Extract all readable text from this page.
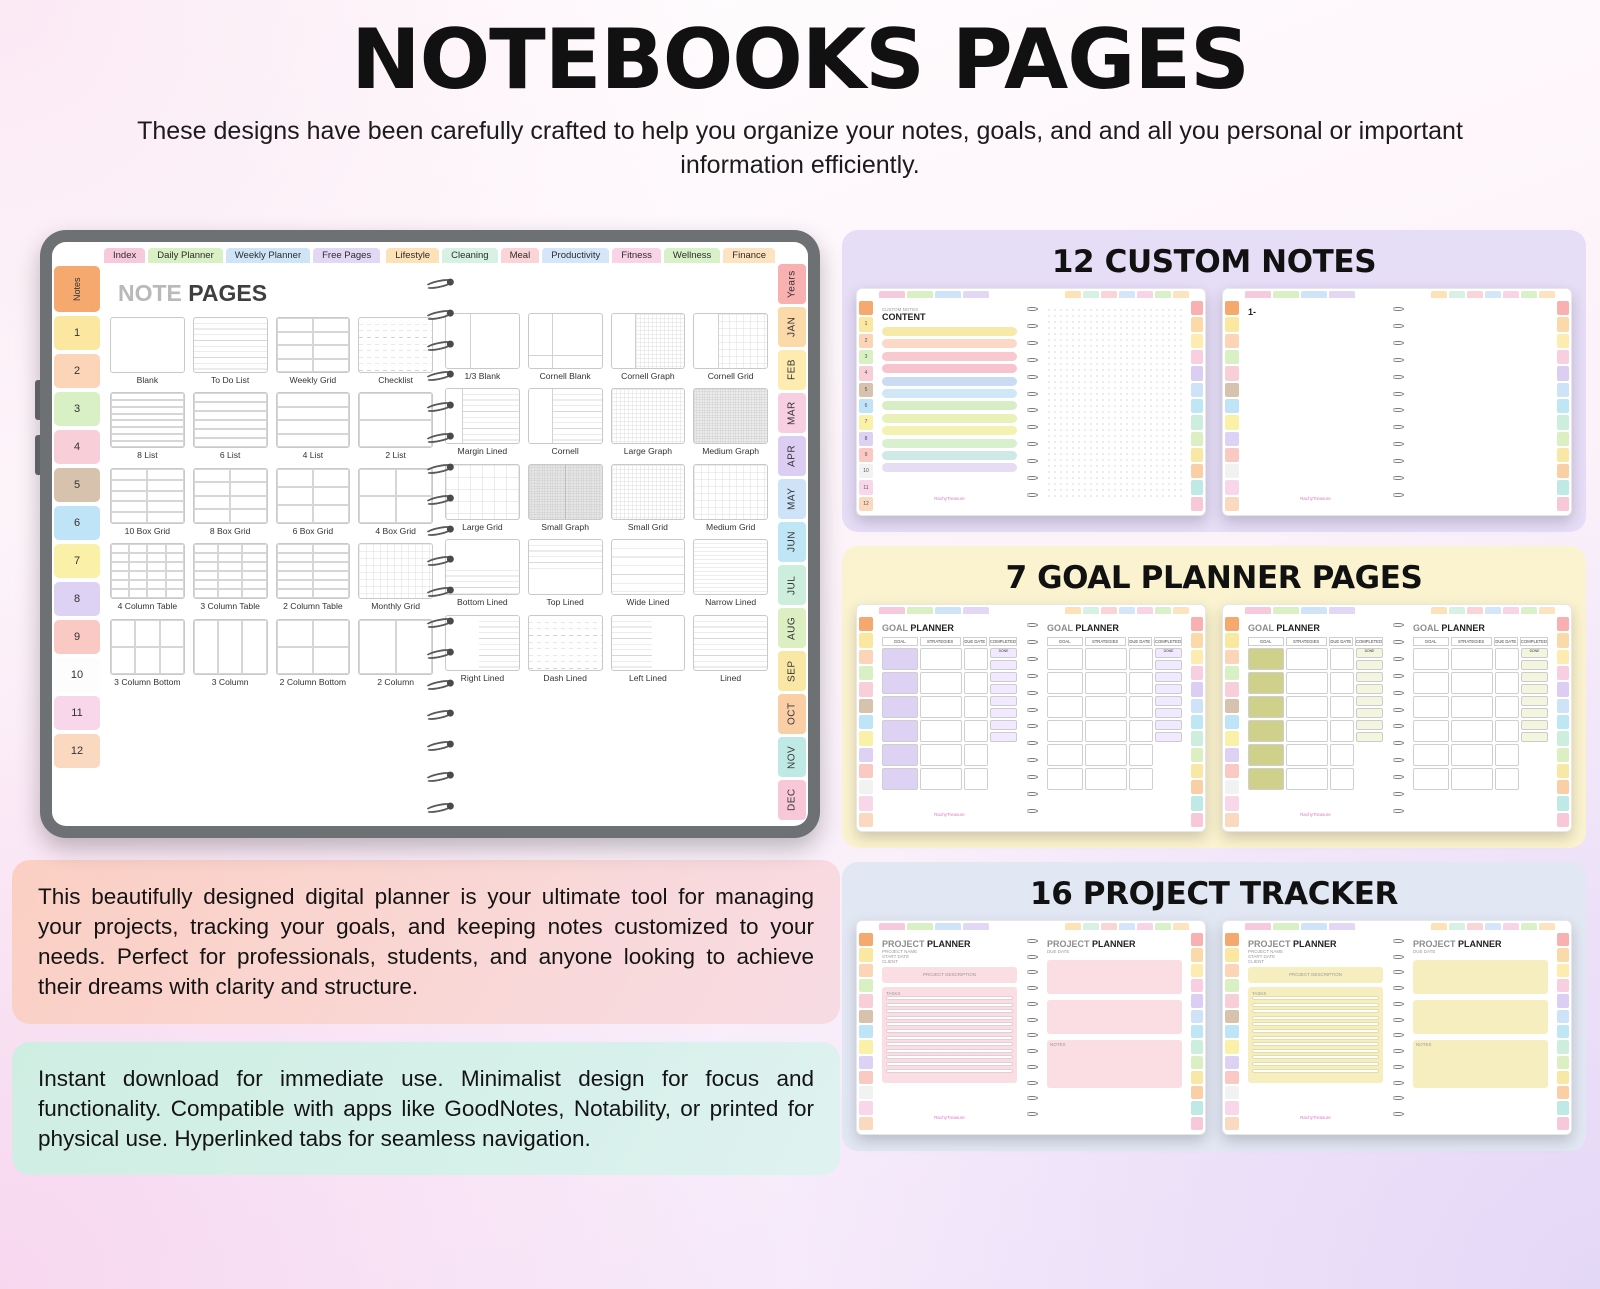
NOTEBOOKS PAGES

These designs have been carefully crafted to help you organize your notes, goals, and and all you personal or important information efficiently.

Index	Daily Planner	Weekly Planner	Free Pages	Lifestyle	Cleaning	Meal	Productivity	Fitness	Wellness	Finance
Notes
1
2
3
4
5
6
7
8
9
10
11
12
NOTE PAGES
Blank	To Do List	Weekly Grid	Checklist
8 List	6 List	4 List	2 List
10 Box Grid	8 Box Grid	6 Box Grid	4 Box Grid
4 Column Table	3 Column Table	2 Column Table	Monthly Grid
3 Column Bottom	3 Column	2 Column Bottom	2 Column
1/3 Blank	Cornell Blank	Cornell Graph	Cornell Grid
Margin Lined	Cornell	Large Graph	Medium Graph
Large Grid	Small Graph	Small Grid	Medium Grid
Bottom Lined	Top Lined	Wide Lined	Narrow Lined
Right Lined	Dash Lined	Left Lined	Lined
Years
JAN
FEB
MAR
APR
MAY
JUN
JUL
AUG
SEP
OCT
NOV
DEC
This beautifully designed digital planner is your ultimate tool for managing your projects, tracking your goals, and keeping notes customized to your needs. Perfect for professionals, students, and anyone looking to achieve their dreams with clarity and structure.
Instant download for immediate use. Minimalist design for focus and functionality. Compatible with apps like GoodNotes, Notability, or printed for physical use. Hyperlinked tabs for seamless navigation.
12 CUSTOM NOTES
1
2
3
4
5
6
7
8
9
10
11
12
CUSTOM NOTES
CONTENT
RachyTreasure
1-
RachyTreasure
7 GOAL PLANNER PAGES
GOAL PLANNER
GOAL	STRATEGIES	DUE DATE	COMPLETED
DONE
RachyTreasure
GOAL PLANNER
GOAL	STRATEGIES	DUE DATE	COMPLETED
DONE
GOAL PLANNER
GOAL	STRATEGIES	DUE DATE	COMPLETED
DONE
RachyTreasure
GOAL PLANNER
GOAL	STRATEGIES	DUE DATE	COMPLETED
DONE
16 PROJECT TRACKER
PROJECT PLANNER
PROJECT NAME
START DATE
CLIENT
PROJECT DESCRIPTION
TASKS
RachyTreasure
PROJECT PLANNER
DUE DATE
NOTES
PROJECT PLANNER
PROJECT NAME
START DATE
CLIENT
PROJECT DESCRIPTION
TASKS
RachyTreasure
PROJECT PLANNER
DUE DATE
NOTES
